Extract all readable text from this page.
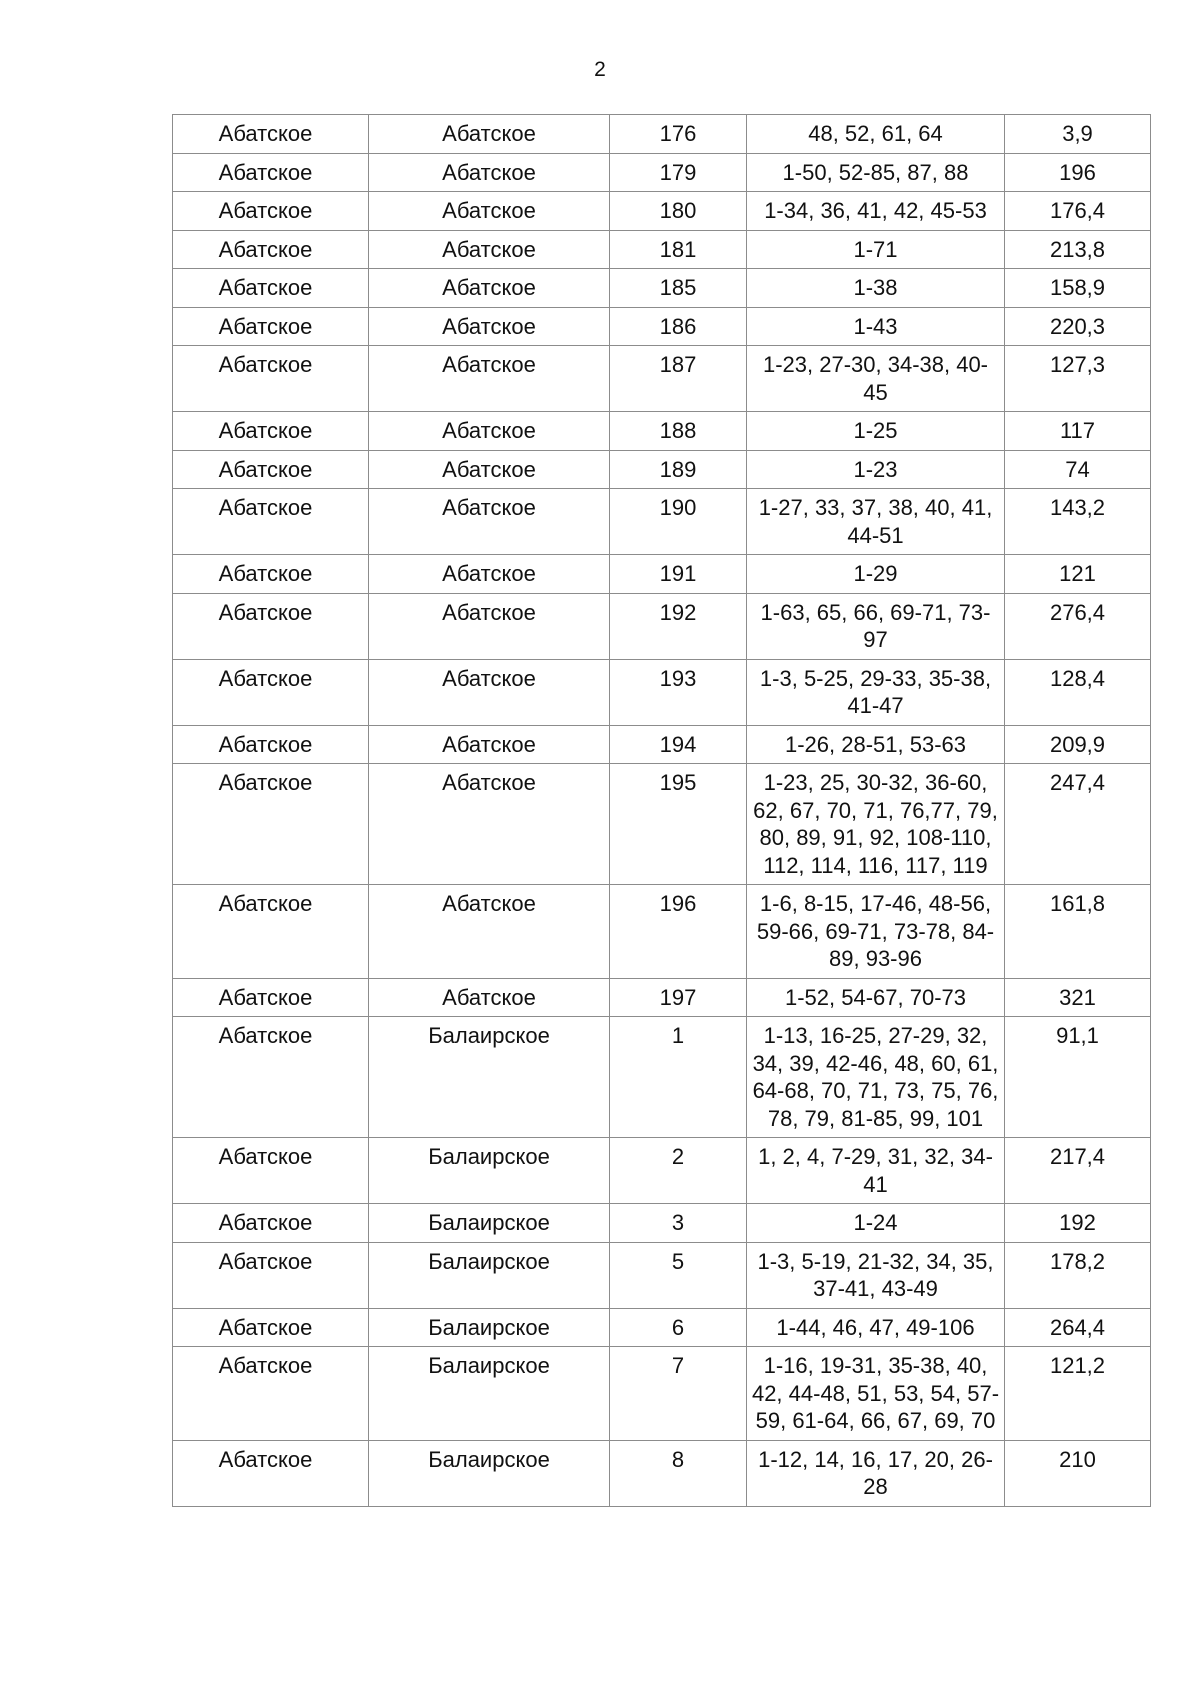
2
Абатское	Абатское	176	48, 52, 61, 64	3,9
Абатское	Абатское	179	1-50, 52-85, 87, 88	196
Абатское	Абатское	180	1-34, 36, 41, 42, 45-53	176,4
Абатское	Абатское	181	1-71	213,8
Абатское	Абатское	185	1-38	158,9
Абатское	Абатское	186	1-43	220,3
Абатское	Абатское	187	1-23, 27-30, 34-38, 40-45	127,3
Абатское	Абатское	188	1-25	117
Абатское	Абатское	189	1-23	74
Абатское	Абатское	190	1-27, 33, 37, 38, 40, 41, 44-51	143,2
Абатское	Абатское	191	1-29	121
Абатское	Абатское	192	1-63, 65, 66, 69-71, 73-97	276,4
Абатское	Абатское	193	1-3, 5-25, 29-33, 35-38, 41-47	128,4
Абатское	Абатское	194	1-26, 28-51, 53-63	209,9
Абатское	Абатское	195	1-23, 25, 30-32, 36-60, 62, 67, 70, 71, 76,77, 79, 80, 89, 91, 92, 108-110, 112, 114, 116, 117, 119	247,4
Абатское	Абатское	196	1-6, 8-15, 17-46, 48-56, 59-66, 69-71, 73-78, 84-89, 93-96	161,8
Абатское	Абатское	197	1-52, 54-67, 70-73	321
Абатское	Балаирское	1	1-13, 16-25, 27-29, 32, 34, 39, 42-46, 48, 60, 61, 64-68, 70, 71, 73, 75, 76, 78, 79, 81-85, 99, 101	91,1
Абатское	Балаирское	2	1, 2, 4, 7-29, 31, 32, 34-41	217,4
Абатское	Балаирское	3	1-24	192
Абатское	Балаирское	5	1-3, 5-19, 21-32, 34, 35, 37-41, 43-49	178,2
Абатское	Балаирское	6	1-44, 46, 47, 49-106	264,4
Абатское	Балаирское	7	1-16, 19-31, 35-38, 40, 42, 44-48, 51, 53, 54, 57-59, 61-64, 66, 67, 69, 70	121,2
Абатское	Балаирское	8	1-12, 14, 16, 17, 20, 26-28	210
